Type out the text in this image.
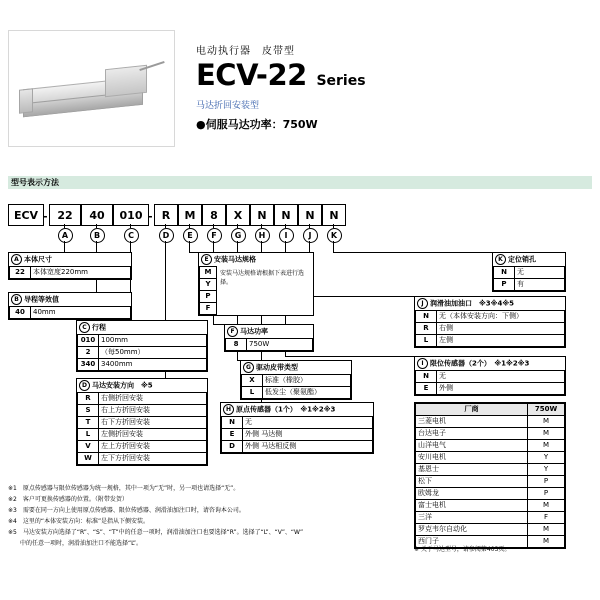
电动执行器　皮带型
ECV-22 Series
马达折回安装型
●伺服马达功率：750W
型号表示方法
ECV - 22	40	010 - R	M	8	X	N	N	N	N
A	B	C	D	E	F	G	H	I	J	K
A 本体尺寸
22	本体宽度220mm
B 导程等效值
40	40mm
C 行程
010	100mm
2	（每50mm）
340	3400mm
D 马达安装方向　 ※5
R	右侧折回安装
S	右上方折回安装
T	右下方折回安装
L	左侧折回安装
V	左上方折回安装
W	左下方折回安装
E 安装马达规格
M
Y
P
F
安装马达规格请根据下表进行选择。
F 马达功率
8	750W
G 驱动皮带类型
X	标准（橡胶）
L	低发尘（聚氨酯）
H 原点传感器（1个）　 ※1※2※3
N	无
E	外侧 马达侧
D	外侧 马达相反侧
I 限位传感器（2个）　 ※1※2※3
N	无
E	外侧
J 润滑油加油口　 ※3※4※5
N	无（本体安装方向：下侧）
R	右侧
L	左侧
K 定位销孔
N	无
P	有
厂商	750W
三菱电机	M
台达电子	M
山洋电气	M
安川电机	Y
基恩士	Y
松下	P
欧姆龙	P
富士电机	M
三洋	F
罗克韦尔自动化	M
西门子	M
※ 关于马达型号，请参阅第403页。
※1　原点传感器与限位传感器为统一规格，其中一项为“无”时，另一项也请选择“无”。
※2　客户可更换传感器的位置。（附带发贺）
※3　需要在同一方向上使用原点传感器、限位传感器、润滑油加注口时，请咨询本公司。
※4　这里的“本体安装方向：标准”是指从下侧安装。
※5　马达安装方向选择了“R”、“S”、“T”中的任意一项时，润滑油加注口也要选择“R”。选择了“L”、“V”、“W”
　　中的任意一项时，润滑油加注口不能选择“L”。
